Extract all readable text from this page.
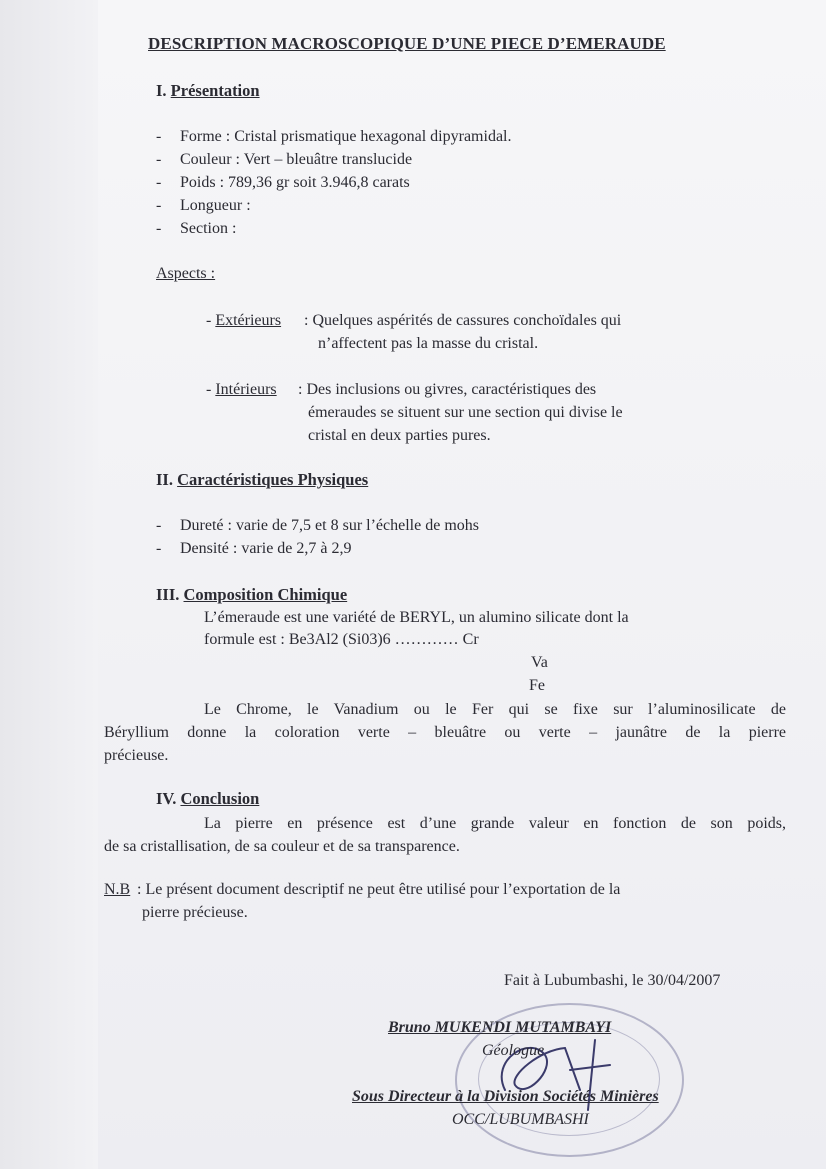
DESCRIPTION MACROSCOPIQUE D’UNE PIECE D’EMERAUDE
I. Présentation
- Forme : Cristal prismatique hexagonal dipyramidal.
- Couleur : Vert – bleuâtre translucide
- Poids : 789,36 gr soit 3.946,8 carats
- Longueur :
- Section :
Aspects :
- Extérieurs : Quelques aspérités de cassures conchoïdales qui
n’affectent pas la masse du cristal.
- Intérieurs : Des inclusions ou givres, caractéristiques des
émeraudes se situent sur une section qui divise le
cristal en deux parties pures.
II. Caractéristiques Physiques
- Dureté : varie de 7,5 et 8 sur l’échelle de mohs
- Densité : varie de 2,7 à 2,9
III. Composition Chimique
L’émeraude est une variété de BERYL, un alumino silicate dont la
formule est : Be3Al2 (Si03)6 ………… Cr
Va
Fe
Le Chrome, le Vanadium ou le Fer qui se fixe sur l’aluminosilicate de
Béryllium donne la coloration verte – bleuâtre ou verte – jaunâtre de la pierre
précieuse.
IV. Conclusion
La pierre en présence est d’une grande valeur en fonction de son poids,
de sa cristallisation, de sa couleur et de sa transparence.
N.B : Le présent document descriptif ne peut être utilisé pour l’exportation de la
pierre précieuse.
Fait à Lubumbashi, le 30/04/2007
Bruno MUKENDI MUTAMBAYI
Géologue
Sous Directeur à la Division Sociétés Minières
OCC/LUBUMBASHI
